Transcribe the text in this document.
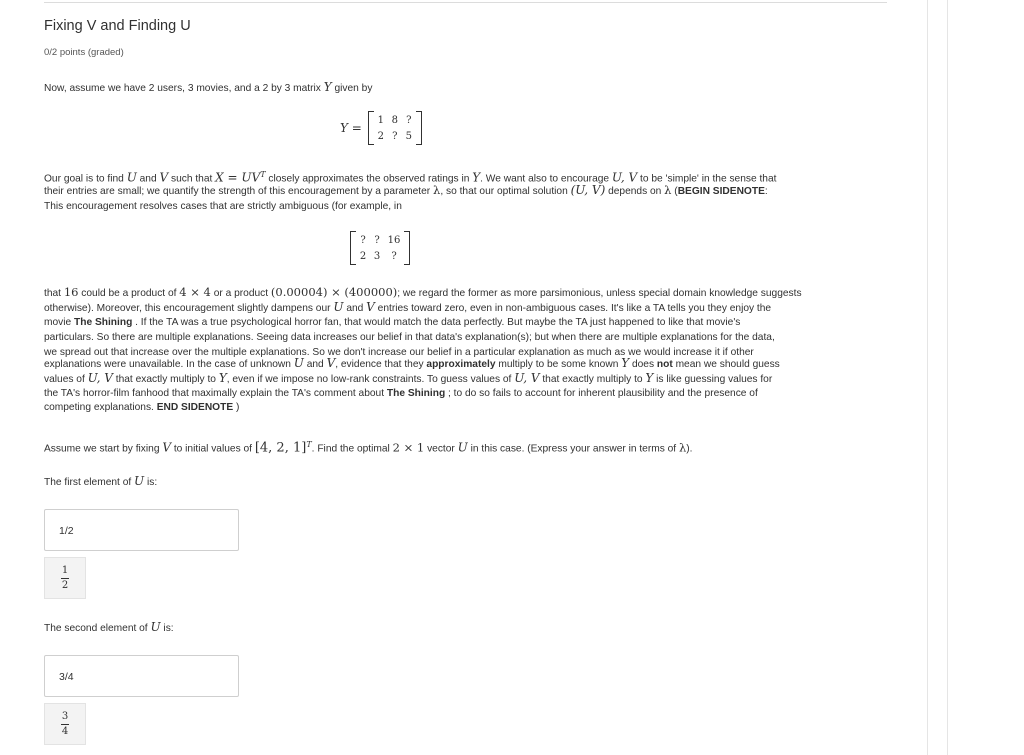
Fixing V and Finding U
0/2 points (graded)
Now, assume we have 2 users, 3 movies, and a 2 by 3 matrix Y given by
Y =
1 8 ?
2 ? 5
Our goal is to find U and V such that $X = UV^T$ closely approximates the observed ratings in Y. We want also to encourage U, V to be 'simple' in the sense that
their entries are small; we quantify the strength of this encouragement by a parameter λ, so that our optimal solution (U, V) depends on λ (BEGIN SIDENOTE:
This encouragement resolves cases that are strictly ambiguous (for example, in
? ? 16
2 3	?
that 16 could be a product of 4 × 4 or a product (0.00004) × (400000); we regard the former as more parsimonious, unless special domain knowledge suggests
otherwise). Moreover, this encouragement slightly dampens our U and V entries toward zero, even in non-ambiguous cases. It's like a TA tells you they enjoy the
movie The Shining . If the TA was a true psychological horror fan, that would match the data perfectly. But maybe the TA just happened to like that movie's
particulars. So there are multiple explanations. Seeing data increases our belief in that data's explanation(s); but when there are multiple explanations for the data,
we spread out that increase over the multiple explanations. So we don't increase our belief in a particular explanation as much as we would increase it if other
explanations were unavailable. In the case of unknown U and V, evidence that they approximately multiply to be some known Y does not mean we should guess
values of U, V that exactly multiply to Y, even if we impose no low-rank constraints. To guess values of U, V that exactly multiply to Y is like guessing values for
the TA's horror-film fanhood that maximally explain the TA's comment about The Shining ; to do so fails to account for inherent plausibility and the presence of
competing explanations. END SIDENOTE )
Assume we start by fixing V to initial values of [4, 2, 1]$^T$. Find the optimal 2 × 1 vector U in this case. (Express your answer in terms of λ).
The first element of U is:
1/2
1
2
The second element of U is:
3/4
3
4
